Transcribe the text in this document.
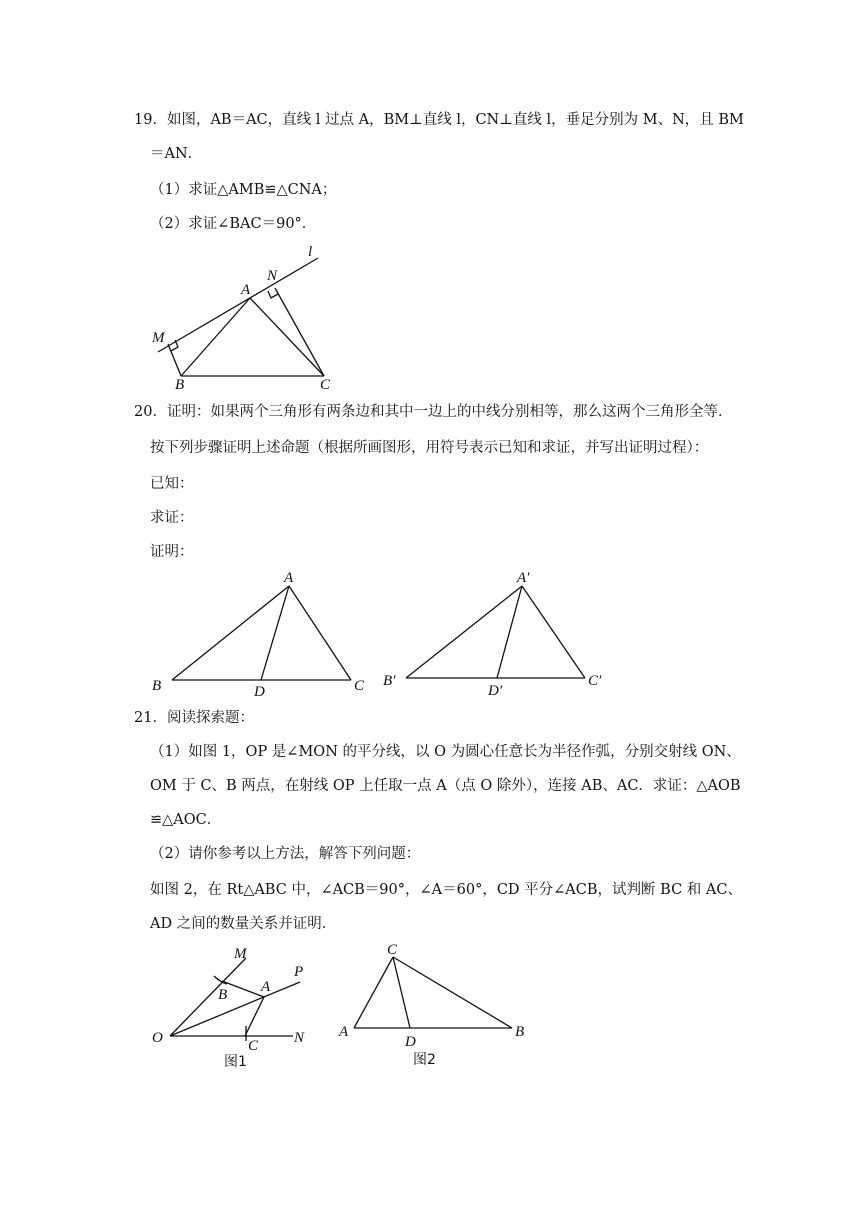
19．如图，AB＝AC，直线 l 过点 A，BM⊥直线 l，CN⊥直线 l，垂足分别为 M、N，且 BM
＝AN．
（1）求证△AMB≌△CNA；
（2）求证∠BAC＝90°．
l
N
A
M
B	C
20．证明：如果两个三角形有两条边和其中一边上的中线分别相等，那么这两个三角形全等．
按下列步骤证明上述命题（根据所画图形，用符号表示已知和求证，并写出证明过程）：
已知：
求证：
证明：
A
B	D	C
A′
B′
D′
C′
21．阅读探索题：
（1）如图 1，OP 是∠MON 的平分线，以 O 为圆心任意长为半径作弧，分别交射线 ON、
OM 于 C、B 两点，在射线 OP 上任取一点 A（点 O 除外），连接 AB、AC．求证：△AOB
≌△AOC．
（2）请你参考以上方法，解答下列问题：
如图 2，在 Rt△ABC 中，∠ACB＝90°，∠A＝60°，CD 平分∠ACB，试判断 BC 和 AC、
AD 之间的数量关系并证明．
M
P
B A
O	C N
图1
C
A
D
B
图2
